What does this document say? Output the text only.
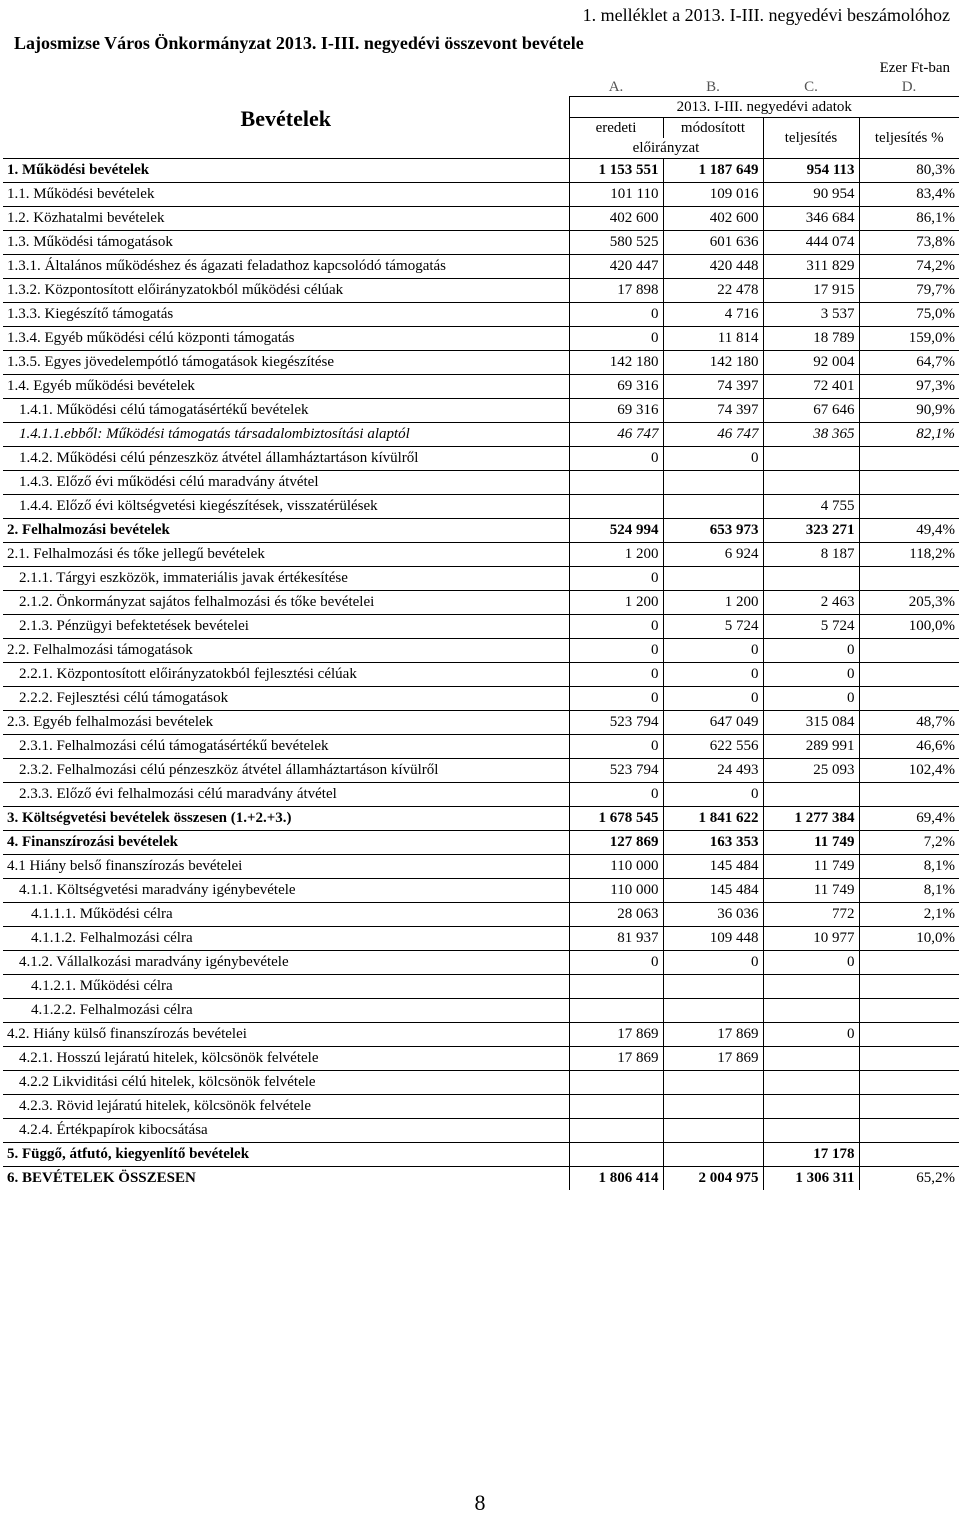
1. melléklet a 2013. I-III. negyedévi beszámolóhoz
Lajosmizse Város Önkormányzat 2013. I-III. negyedévi összevont bevétele
Ezer Ft-ban
Bevételek	A.	B.	C.	D.
	2013. I-III. negyedévi adatok			
	eredeti	módosított	teljesítés	teljesítés %
	előirányzat			
1. Működési bevételek	1 153 551	1 187 649	954 113	80,3%
1.1. Működési bevételek	101 110	109 016	90 954	83,4%
1.2. Közhatalmi bevételek	402 600	402 600	346 684	86,1%
1.3. Működési támogatások	580 525	601 636	444 074	73,8%
1.3.1. Általános működéshez és ágazati feladathoz kapcsolódó támogatás	420 447	420 448	311 829	74,2%
1.3.2. Központosított előirányzatokból működési célúak	17 898	22 478	17 915	79,7%
1.3.3. Kiegészítő támogatás	0	4 716	3 537	75,0%
1.3.4. Egyéb működési célú központi támogatás	0	11 814	18 789	159,0%
1.3.5. Egyes jövedelempótló támogatások kiegészítése	142 180	142 180	92 004	64,7%
1.4. Egyéb működési bevételek	69 316	74 397	72 401	97,3%
1.4.1. Működési célú támogatásértékű bevételek	69 316	74 397	67 646	90,9%
1.4.1.1.ebből: Működési támogatás társadalombiztosítási alaptól	46 747	46 747	38 365	82,1%
1.4.2. Működési célú pénzeszköz átvétel államháztartáson kívülről	0	0		
1.4.3. Előző évi működési célú maradvány átvétel				
1.4.4. Előző évi költségvetési kiegészítések, visszatérülések			4 755	
2. Felhalmozási bevételek	524 994	653 973	323 271	49,4%
2.1. Felhalmozási és tőke jellegű bevételek	1 200	6 924	8 187	118,2%
2.1.1. Tárgyi eszközök, immateriális javak értékesítése	0			
2.1.2. Önkormányzat sajátos felhalmozási és tőke bevételei	1 200	1 200	2 463	205,3%
2.1.3. Pénzügyi befektetések bevételei	0	5 724	5 724	100,0%
2.2. Felhalmozási támogatások	0	0	0	
2.2.1. Központosított előirányzatokból fejlesztési célúak	0	0	0	
2.2.2. Fejlesztési célú támogatások	0	0	0	
2.3. Egyéb felhalmozási bevételek	523 794	647 049	315 084	48,7%
2.3.1. Felhalmozási célú támogatásértékű bevételek	0	622 556	289 991	46,6%
2.3.2. Felhalmozási célú pénzeszköz átvétel államháztartáson kívülről	523 794	24 493	25 093	102,4%
2.3.3. Előző évi felhalmozási célú maradvány átvétel	0	0		
3. Költségvetési bevételek összesen (1.+2.+3.)	1 678 545	1 841 622	1 277 384	69,4%
4. Finanszírozási bevételek	127 869	163 353	11 749	7,2%
4.1 Hiány belső finanszírozás bevételei	110 000	145 484	11 749	8,1%
4.1.1. Költségvetési maradvány igénybevétele	110 000	145 484	11 749	8,1%
4.1.1.1. Működési célra	28 063	36 036	772	2,1%
4.1.1.2. Felhalmozási célra	81 937	109 448	10 977	10,0%
4.1.2. Vállalkozási maradvány igénybevétele	0	0	0	
4.1.2.1. Működési célra				
4.1.2.2. Felhalmozási célra				
4.2. Hiány külső finanszírozás bevételei	17 869	17 869	0	
4.2.1. Hosszú lejáratú hitelek, kölcsönök felvétele	17 869	17 869		
4.2.2 Likviditási célú hitelek, kölcsönök felvétele				
4.2.3. Rövid lejáratú hitelek, kölcsönök felvétele				
4.2.4. Értékpapírok kibocsátása				
5. Függő, átfutó, kiegyenlítő bevételek			17 178	
6. BEVÉTELEK ÖSSZESEN	1 806 414	2 004 975	1 306 311	65,2%
8
